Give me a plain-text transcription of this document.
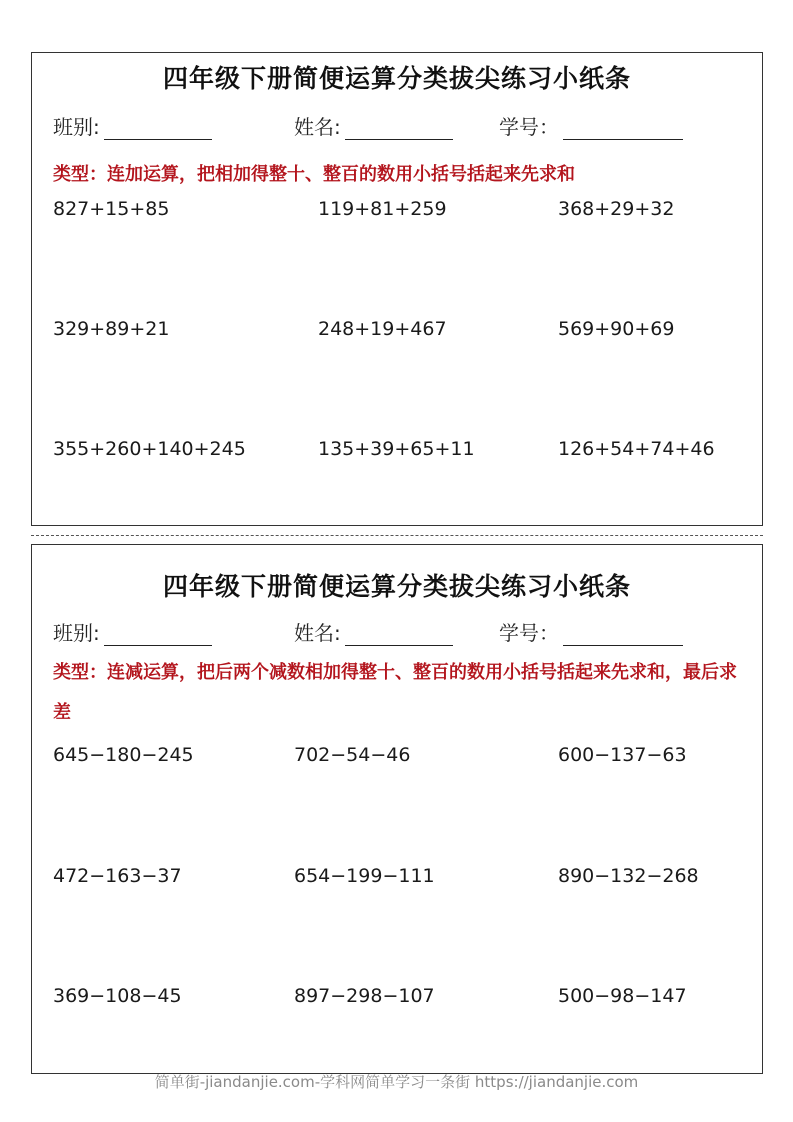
四年级下册简便运算分类拔尖练习小纸条
班别:	姓名:	学号：
类型：连加运算，把相加得整十、整百的数用小括号括起来先求和
827+15+85	119+81+259	368+29+32
329+89+21	248+19+467	569+90+69
355+260+140+245	135+39+65+11	126+54+74+46
四年级下册简便运算分类拔尖练习小纸条
班别:	姓名:	学号：
类型：连减运算，把后两个减数相加得整十、整百的数用小括号括起来先求和，最后求差
645−180−245	702−54−46	600−137−63
472−163−37	654−199−111	890−132−268
369−108−45	897−298−107	500−98−147
简单街-jiandanjie.com-学科网简单学习一条街 https://jiandanjie.com
